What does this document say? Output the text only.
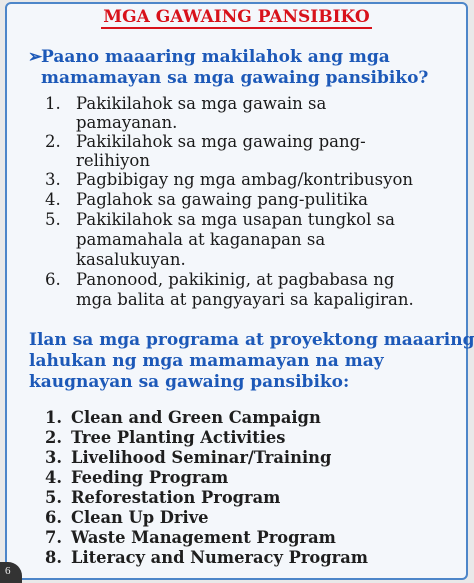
MGA GAWAING PANSIBIKO
➢
Paano maaaring makilahok ang mga
mamamayan sa mga gawaing pansibiko?
1. Pakikilahok sa mga gawain sa
pamayanan.
2. Pakikilahok sa mga gawaing pang-
relihiyon
3. Pagbibigay ng mga ambag/kontribusyon
4. Paglahok sa gawaing pang-pulitika
5. Pakikilahok sa mga usapan tungkol sa
pamamahala at kaganapan sa
kasalukuyan.
6. Panonood, pakikinig, at pagbabasa ng
mga balita at pangyayari sa kapaligiran.
Ilan sa mga programa at proyektong maaaring
lahukan ng mga mamamayan na may
kaugnayan sa gawaing pansibiko:
1. Clean and Green Campaign
2. Tree Planting Activities
3. Livelihood Seminar/Training
4. Feeding Program
5. Reforestation Program
6. Clean Up Drive
7. Waste Management Program
8. Literacy and Numeracy Program
6
